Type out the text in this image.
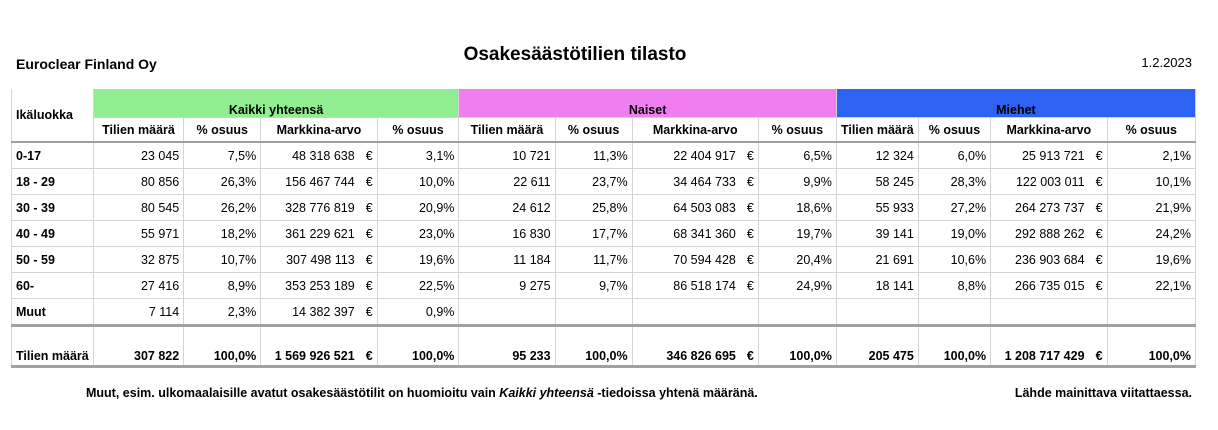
Euroclear Finland Oy	Osakesäästötilien tilasto	1.2.2023
Ikäluokka	Kaikki yhteensä				Naiset				Miehet			
	Tilien määrä	% osuus	Markkina-arvo	% osuus	Tilien määrä	% osuus	Markkina-arvo	% osuus	Tilien määrä	% osuus	Markkina-arvo	% osuus
0-17	23 045	7,5%	48 318 638 €	3,1%	10 721	11,3%	22 404 917 €	6,5%	12 324	6,0%	25 913 721 €	2,1%
18 - 29	80 856	26,3%	156 467 744 €	10,0%	22 611	23,7%	34 464 733 €	9,9%	58 245	28,3%	122 003 011 €	10,1%
30 - 39	80 545	26,2%	328 776 819 €	20,9%	24 612	25,8%	64 503 083 €	18,6%	55 933	27,2%	264 273 737 €	21,9%
40 - 49	55 971	18,2%	361 229 621 €	23,0%	16 830	17,7%	68 341 360 €	19,7%	39 141	19,0%	292 888 262 €	24,2%
50 - 59	32 875	10,7%	307 498 113 €	19,6%	11 184	11,7%	70 594 428 €	20,4%	21 691	10,6%	236 903 684 €	19,6%
60-	27 416	8,9%	353 253 189 €	22,5%	9 275	9,7%	86 518 174 €	24,9%	18 141	8,8%	266 735 015 €	22,1%
Muut	7 114	2,3%	14 382 397 €	0,9%								
Tilien määrä	307 822	100,0%	1 569 926 521 €	100,0%	95 233	100,0%	346 826 695 €	100,0%	205 475	100,0%	1 208 717 429 €	100,0%
Muut, esim. ulkomaalaisille avatut osakesäästötilit on huomioitu vain Kaikki yhteensä -tiedoissa yhtenä määränä.	Lähde mainittava viitattaessa.
